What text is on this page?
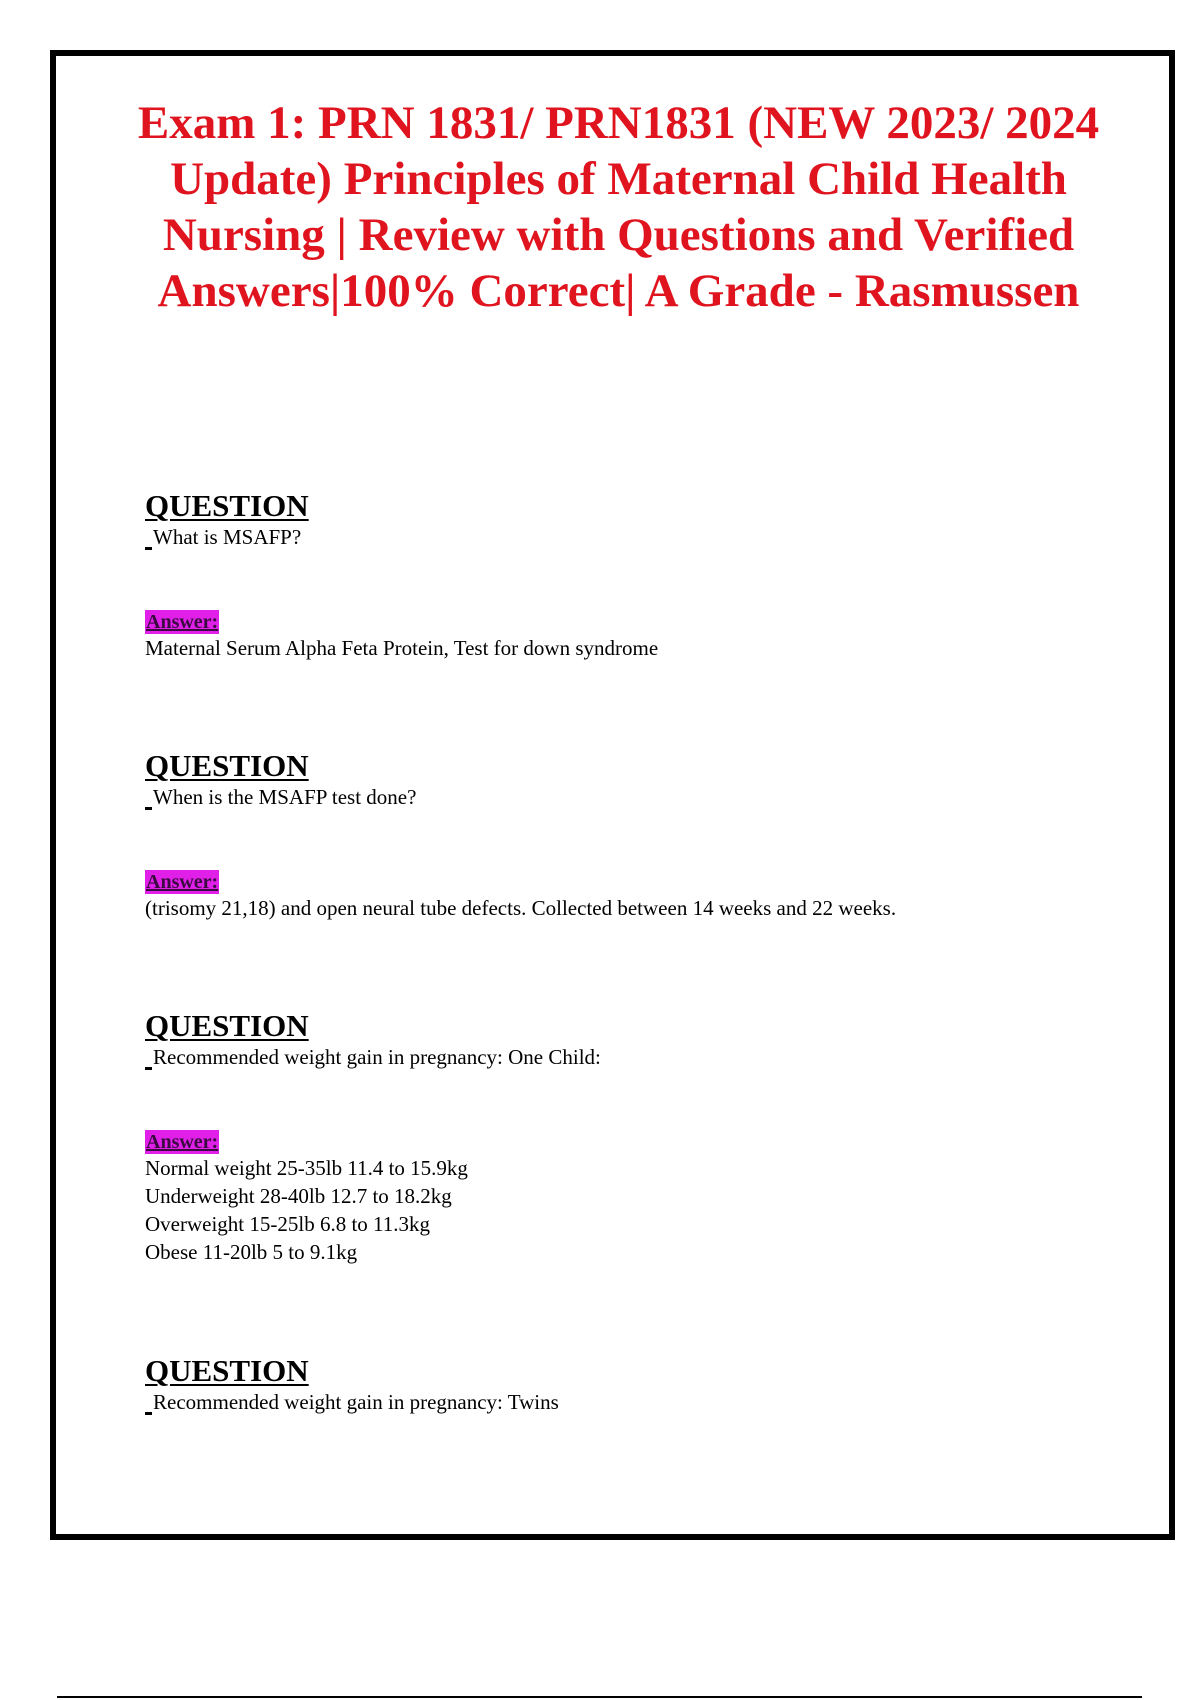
Exam 1: PRN 1831/ PRN1831 (NEW 2023/ 2024 Update) Principles of Maternal Child Health Nursing | Review with Questions and Verified Answers|100% Correct| A Grade - Rasmussen

QUESTION

What is MSAFP?

Answer:

Maternal Serum Alpha Feta Protein, Test for down syndrome

QUESTION

When is the MSAFP test done?

Answer:

(trisomy 21,18) and open neural tube defects. Collected between 14 weeks and 22 weeks.

QUESTION

Recommended weight gain in pregnancy: One Child:

Answer:

Normal weight 25-35lb 11.4 to 15.9kg

Underweight 28-40lb 12.7 to 18.2kg

Overweight 15-25lb 6.8 to 11.3kg

Obese 11-20lb 5 to 9.1kg

QUESTION

Recommended weight gain in pregnancy: Twins
